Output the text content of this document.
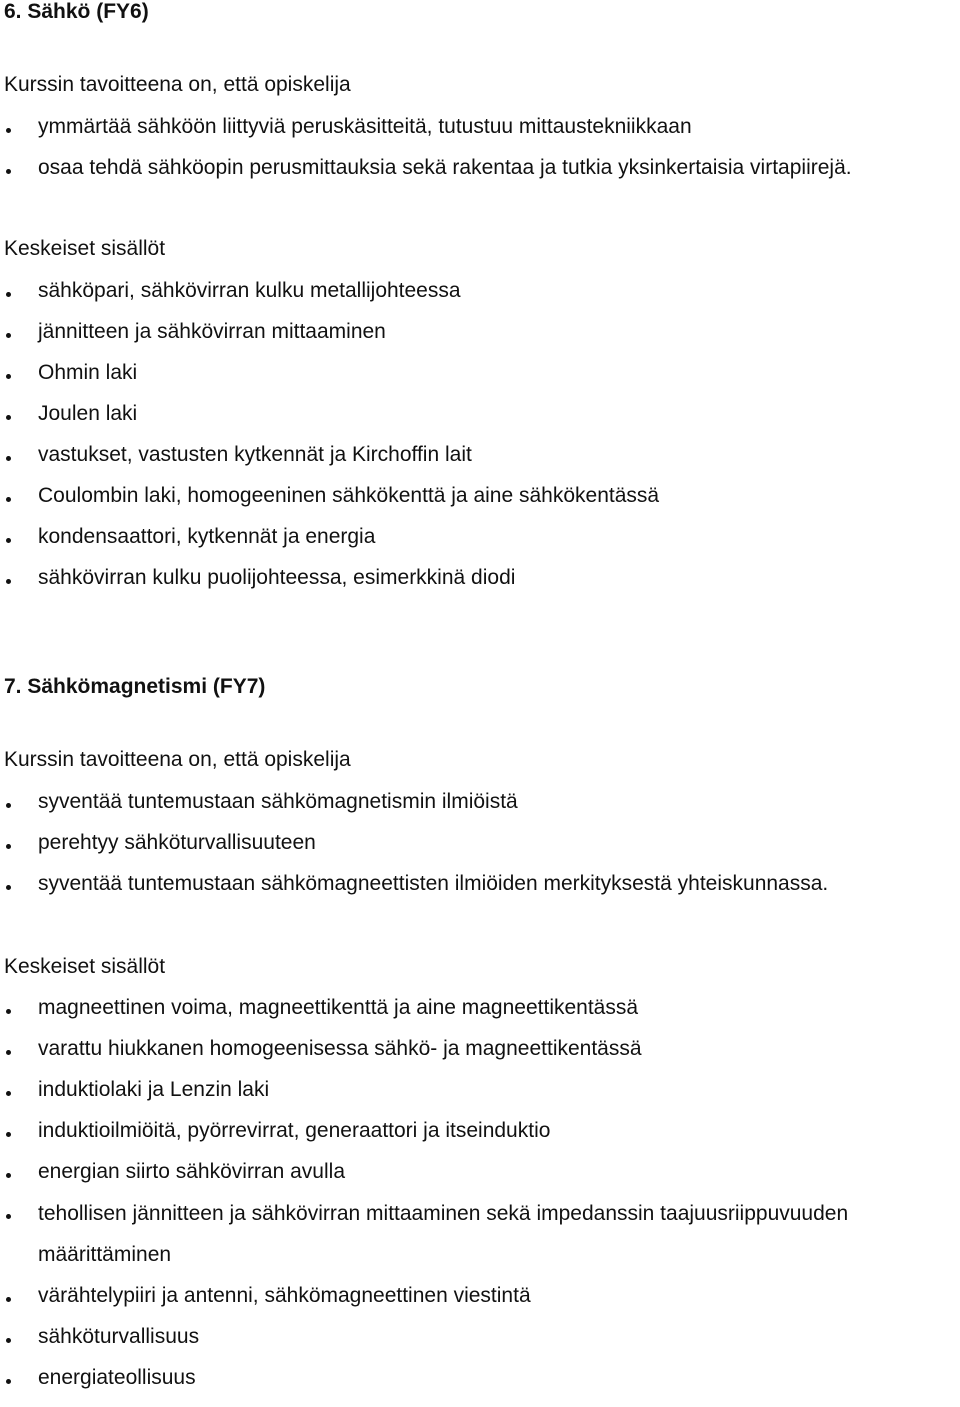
6. Sähkö (FY6)

Kurssin tavoitteena on, että opiskelija

ymmärtää sähköön liittyviä peruskäsitteitä, tutustuu mittaustekniikkaan
osaa tehdä sähköopin perusmittauksia sekä rakentaa ja tutkia yksinkertaisia virtapiirejä.

Keskeiset sisällöt

sähköpari, sähkövirran kulku metallijohteessa
jännitteen ja sähkövirran mittaaminen
Ohmin laki
Joulen laki
vastukset, vastusten kytkennät ja Kirchoffin lait
Coulombin laki, homogeeninen sähkökenttä ja aine sähkökentässä
kondensaattori, kytkennät ja energia
sähkövirran kulku puolijohteessa, esimerkkinä diodi
7. Sähkömagnetismi (FY7)

Kurssin tavoitteena on, että opiskelija

syventää tuntemustaan sähkömagnetismin ilmiöistä
perehtyy sähköturvallisuuteen
syventää tuntemustaan sähkömagneettisten ilmiöiden merkityksestä yhteiskunnassa.

Keskeiset sisällöt

magneettinen voima, magneettikenttä ja aine magneettikentässä
varattu hiukkanen homogeenisessa sähkö- ja magneettikentässä
induktiolaki ja Lenzin laki
induktioilmiöitä, pyörrevirrat, generaattori ja itseinduktio
energian siirto sähkövirran avulla
tehollisen jännitteen ja sähkövirran mittaaminen sekä impedanssin taajuusriippuvuuden määrittäminen
värähtelypiiri ja antenni, sähkömagneettinen viestintä
sähköturvallisuus
energiateollisuus
